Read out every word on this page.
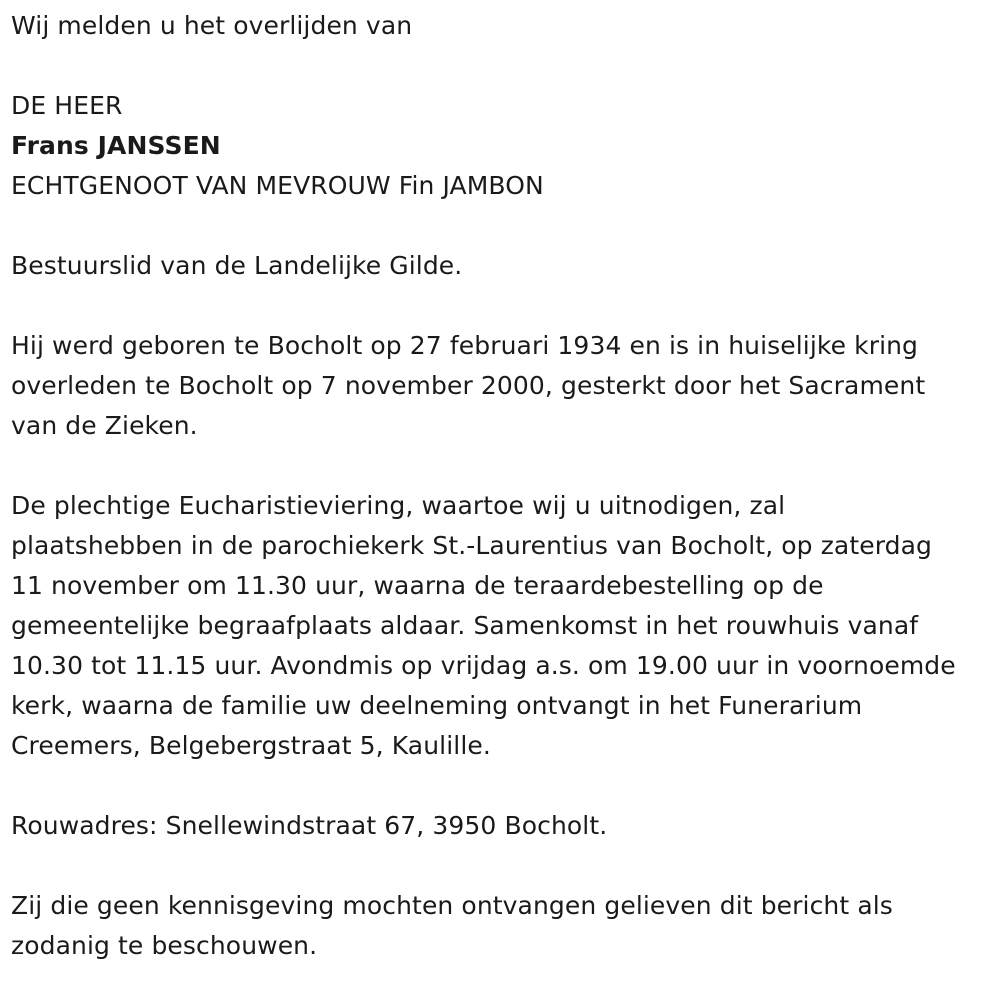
Wij melden u het overlijden van

DE HEER

Frans JANSSEN

ECHTGENOOT VAN MEVROUW Fin JAMBON

Bestuurslid van de Landelijke Gilde.

Hij werd geboren te Bocholt op 27 februari 1934 en is in huiselijke kring

overleden te Bocholt op 7 november 2000, gesterkt door het Sacrament

van de Zieken.

De plechtige Eucharistieviering, waartoe wij u uitnodigen, zal

plaatshebben in de parochiekerk St.-Laurentius van Bocholt, op zaterdag

11 november om 11.30 uur, waarna de teraardebestelling op de

gemeentelijke begraafplaats aldaar. Samenkomst in het rouwhuis vanaf

10.30 tot 11.15 uur. Avondmis op vrijdag a.s. om 19.00 uur in voornoemde

kerk, waarna de familie uw deelneming ontvangt in het Funerarium

Creemers, Belgebergstraat 5, Kaulille.

Rouwadres: Snellewindstraat 67, 3950 Bocholt.

Zij die geen kennisgeving mochten ontvangen gelieven dit bericht als

zodanig te beschouwen.
